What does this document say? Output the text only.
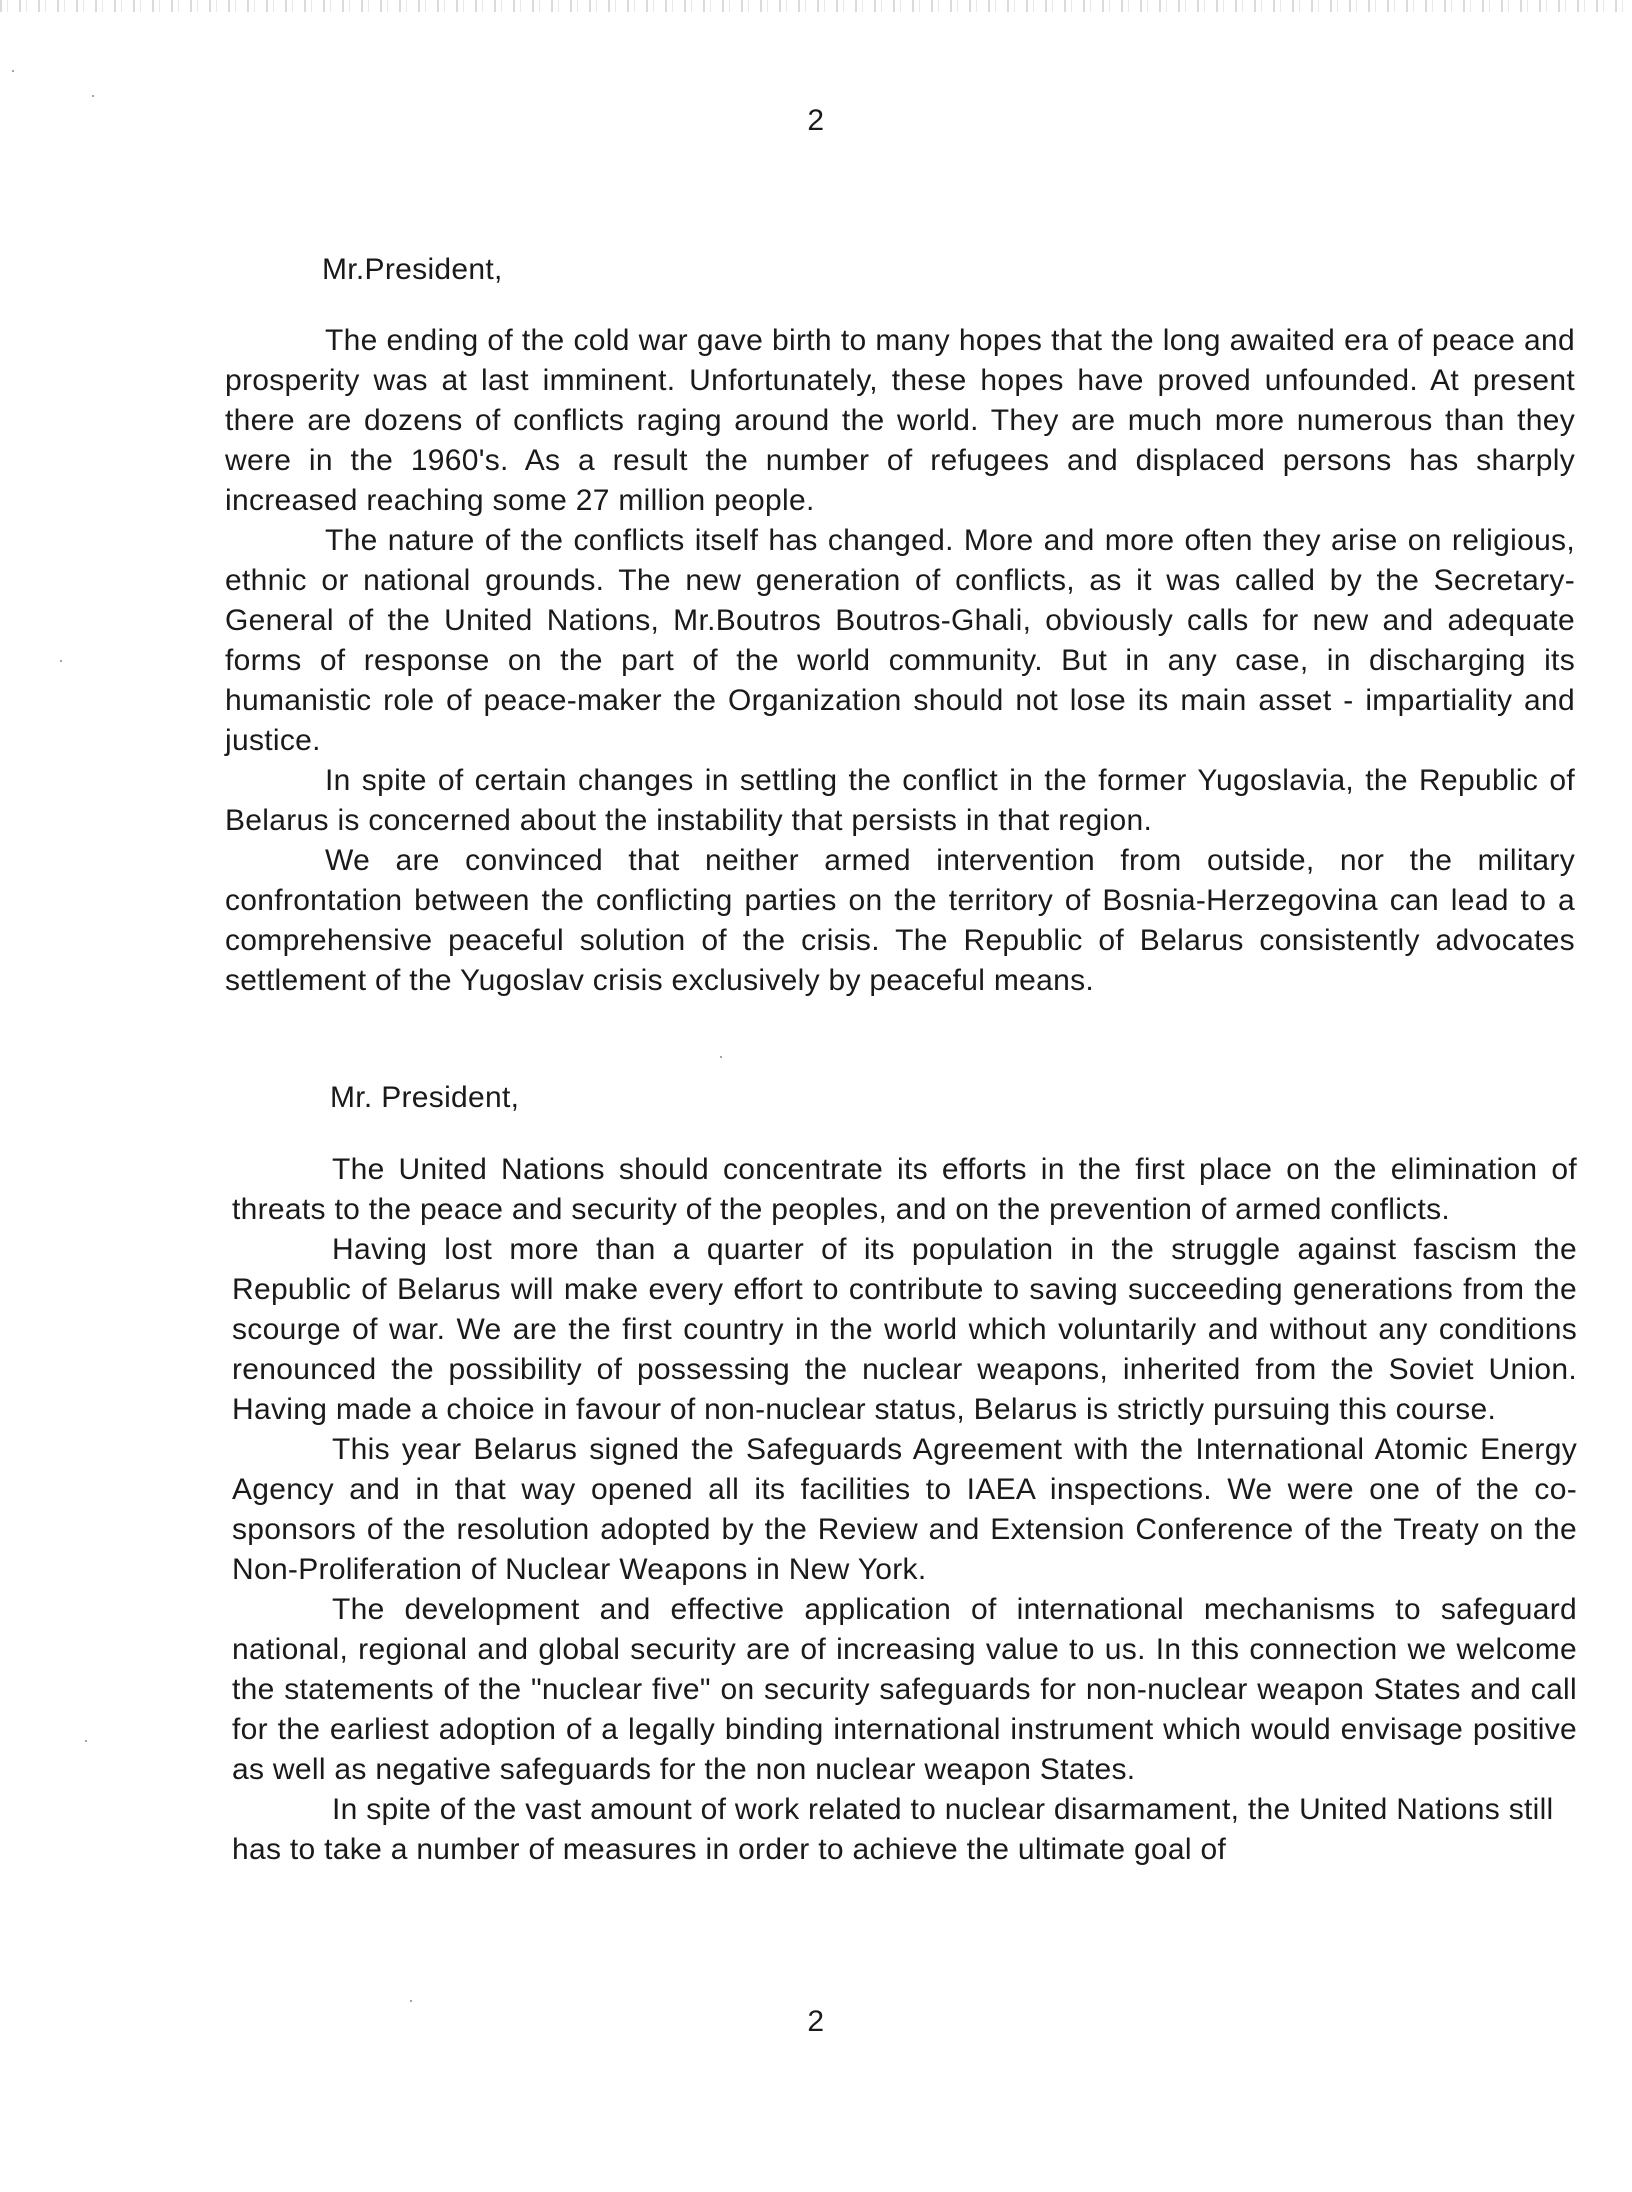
2
Mr.President,

The ending of the cold war gave birth to many hopes that the long awaited era of peace and prosperity was at last imminent. Unfortunately, these hopes have proved unfounded. At present there are dozens of conflicts raging around the world. They are much more numerous than they were in the 1960's. As a result the number of refugees and displaced persons has sharply increased reaching some 27 million people.

The nature of the conflicts itself has changed. More and more often they arise on religious, ethnic or national grounds. The new generation of conflicts, as it was called by the Secretary-General of the United Nations, Mr.Boutros Boutros-Ghali, obviously calls for new and adequate forms of response on the part of the world community. But in any case, in discharging its humanistic role of peace-maker the Organization should not lose its main asset - impartiality and justice.

In spite of certain changes in settling the conflict in the former Yugoslavia, the Republic of Belarus is concerned about the instability that persists in that region.

We are convinced that neither armed intervention from outside, nor the military confrontation between the conflicting parties on the territory of Bosnia-Herzegovina can lead to a comprehensive peaceful solution of the crisis. The Republic of Belarus consistently advocates settlement of the Yugoslav crisis exclusively by peaceful means.

Mr. President,

The United Nations should concentrate its efforts in the first place on the elimination of threats to the peace and security of the peoples, and on the prevention of armed conflicts.

Having lost more than a quarter of its population in the struggle against fascism the Republic of Belarus will make every effort to contribute to saving succeeding generations from the scourge of war. We are the first country in the world which voluntarily and without any conditions renounced the possibility of possessing the nuclear weapons, inherited from the Soviet Union. Having made a choice in favour of non-nuclear status, Belarus is strictly pursuing this course.

This year Belarus signed the Safeguards Agreement with the International Atomic Energy Agency and in that way opened all its facilities to IAEA inspections. We were one of the co-sponsors of the resolution adopted by the Review and Extension Conference of the Treaty on the Non-Proliferation of Nuclear Weapons in New York.

The development and effective application of international mechanisms to safeguard national, regional and global security are of increasing value to us. In this connection we welcome the statements of the "nuclear five" on security safeguards for non-nuclear weapon States and call for the earliest adoption of a legally binding international instrument which would envisage positive as well as negative safeguards for the non nuclear weapon States.

In spite of the vast amount of work related to nuclear disarmament, the United Nations still has to take a number of measures in order to achieve the ultimate goal of

2
